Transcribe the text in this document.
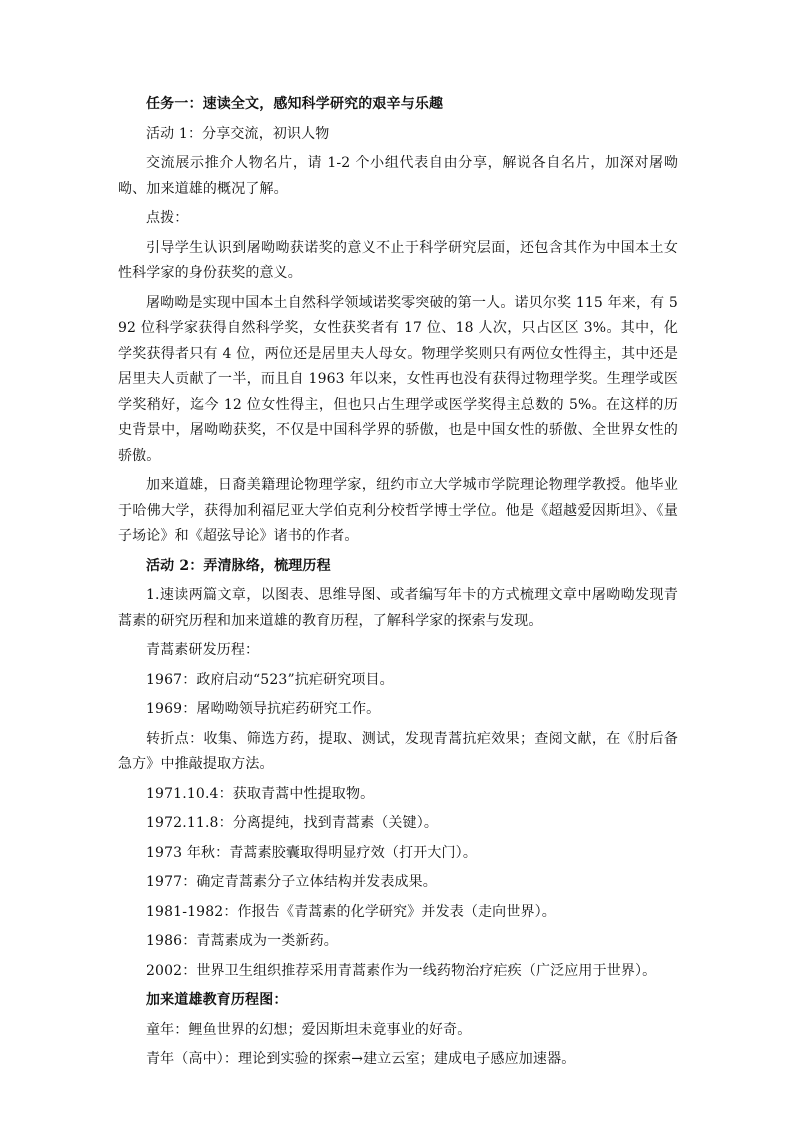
任务一：速读全文，感知科学研究的艰辛与乐趣

活动 1：分享交流，初识人物

交流展示推介人物名片，请 1-2 个小组代表自由分享，解说各自名片，加深对屠呦呦、加来道雄的概况了解。

点拨：

引导学生认识到屠呦呦获诺奖的意义不止于科学研究层面，还包含其作为中国本土女性科学家的身份获奖的意义。

屠呦呦是实现中国本土自然科学领域诺奖零突破的第一人。诺贝尔奖 115 年来，有 592 位科学家获得自然科学奖，女性获奖者有 17 位、18 人次，只占区区 3%。其中，化学奖获得者只有 4 位，两位还是居里夫人母女。物理学奖则只有两位女性得主，其中还是居里夫人贡献了一半，而且自 1963 年以来，女性再也没有获得过物理学奖。生理学或医学奖稍好，迄今 12 位女性得主，但也只占生理学或医学奖得主总数的 5%。在这样的历史背景中，屠呦呦获奖，不仅是中国科学界的骄傲，也是中国女性的骄傲、全世界女性的骄傲。

加来道雄，日裔美籍理论物理学家，纽约市立大学城市学院理论物理学教授。他毕业于哈佛大学，获得加利福尼亚大学伯克利分校哲学博士学位。他是《超越爱因斯坦》、《量子场论》和《超弦导论》诸书的作者。

活动 2：弄清脉络，梳理历程

1.速读两篇文章，以图表、思维导图、或者编写年卡的方式梳理文章中屠呦呦发现青蒿素的研究历程和加来道雄的教育历程，了解科学家的探索与发现。

青蒿素研发历程：

1967：政府启动“523”抗疟研究项目。

1969：屠呦呦领导抗疟药研究工作。

转折点：收集、筛选方药，提取、测试，发现青蒿抗疟效果；查阅文献，在《肘后备急方》中推敲提取方法。

1971.10.4：获取青蒿中性提取物。

1972.11.8：分离提纯，找到青蒿素（关键）。

1973 年秋：青蒿素胶囊取得明显疗效（打开大门）。

1977：确定青蒿素分子立体结构并发表成果。

1981-1982：作报告《青蒿素的化学研究》并发表（走向世界）。

1986：青蒿素成为一类新药。

2002：世界卫生组织推荐采用青蒿素作为一线药物治疗疟疾（广泛应用于世界）。

加来道雄教育历程图：

童年：鲤鱼世界的幻想；爱因斯坦未竟事业的好奇。

青年（高中）：理论到实验的探索→建立云室；建成电子感应加速器。
